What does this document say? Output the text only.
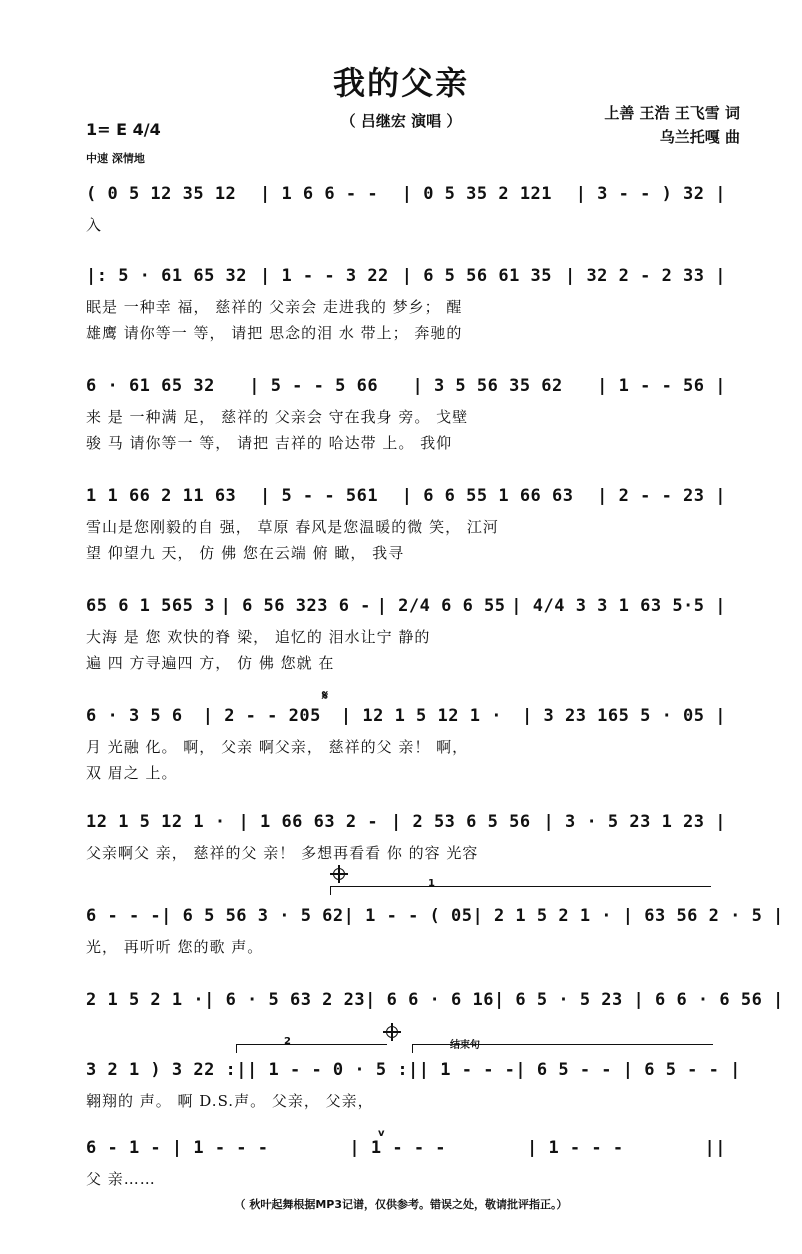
我的父亲
（ 吕继宏 演唱 ）	上善 王浩 王飞雪 词
乌兰托嘎 曲
1= E 4/4
中速 深情地
( 0 5 12 35 12 | 1 6 6 - - | 0 5 35 2 121 | 3 - - ) 32 |
入
|: 5 · 61 65 32 | 1 - - 3 22 | 6 5 56 61 35 | 32 2 - 2 33 |
眠是 一种幸 福， 慈祥的 父亲会 走进我的 梦乡； 醒
雄鹰 请你等一 等， 请把 思念的泪 水 带上； 奔驰的
6 · 61 65 32 | 5 - - 5 66 | 3 5 56 35 62 | 1 - - 56 |
来 是 一种满 足， 慈祥的 父亲会 守在我身 旁。 戈壁
骏 马 请你等一 等， 请把 吉祥的 哈达带 上。 我仰
1 1 66 2 11 63 | 5 - - 561 | 6 6 55 1 66 63 | 2 - - 23 |
雪山是您刚毅的自 强， 草原 春风是您温暖的微 笑， 江河
望 仰望九 天， 仿 佛 您在云端 俯 瞰， 我寻
65 6 1 565 3 | 6 56 323 6 - | 2/4 6 6 55 | 4/4 3 3 1 63 5·5 |
大海 是 您 欢快的脊 梁， 追忆的 泪水让宁 静的
遍 四 方寻遍四 方， 仿 佛 您就 在
6 · 3 5 6 | 2 - - 205 | 12 1 5 12 1 · | 3 23 165 5 · 05 |
月 光融 化。 啊， 父亲 啊父亲， 慈祥的父 亲！ 啊，
双 眉之 上。
12 1 5 12 1 · | 1 66 63 2 - | 2 53 6 5 56 | 3 · 5 23 1 23 |
父亲啊父 亲， 慈祥的父 亲！ 多想再看看 你 的容 光容
6 - - - | 6 5 56 3 · 5 62 | 1 - - ( 05 | 2 1 5 2 1 · | 63 56 2 · 5 |
光， 再听听 您的歌 声。
2 1 5 2 1 · | 6 · 5 63 2 23 | 6 6 · 6 16 | 6 5 · 5 23 | 6 6 · 6 56 |
3 2 1 ) 3 22 :| | 1 - - 0 · 5 :| | 1 - - - | 6 5 - - | 6 5 - - |
翱翔的 声。 啊 D.S.声。 父亲， 父亲，
6 - 1 - | 1 - - -	| 1 - - -	| 1 - - -	||
父 亲……
1
2	结束句
𝄋
v
（ 秋叶起舞根据MP3记谱，仅供参考。错误之处，敬请批评指正。）
